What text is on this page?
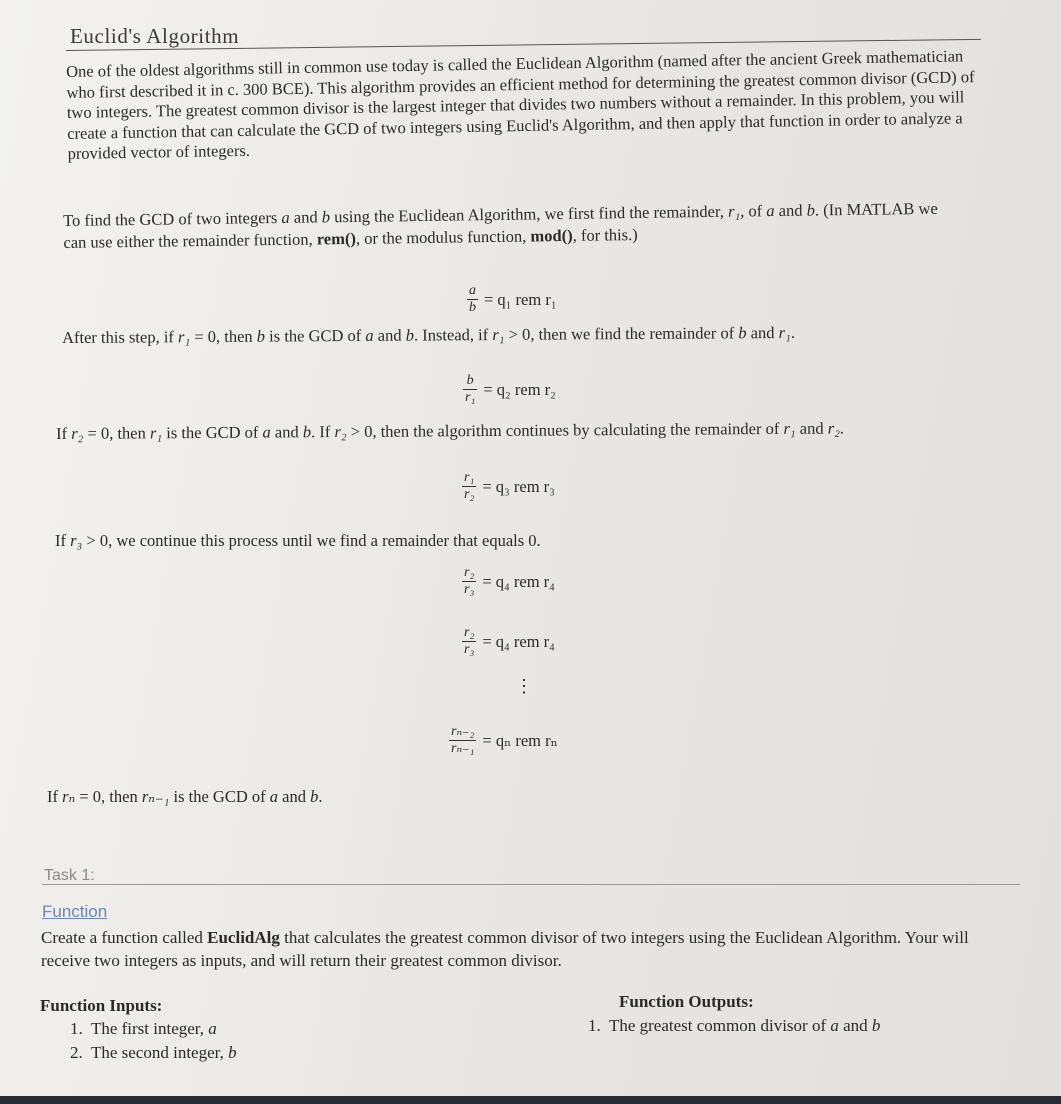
Euclid's Algorithm

One of the oldest algorithms still in common use today is called the Euclidean Algorithm (named after the ancient Greek mathematician who first described it in c. 300 BCE). This algorithm provides an efficient method for determining the greatest common divisor (GCD) of two integers. The greatest common divisor is the largest integer that divides two numbers without a remainder. In this problem, you will create a function that can calculate the GCD of two integers using Euclid's Algorithm, and then apply that function in order to analyze a provided vector of integers.

To find the GCD of two integers a and b using the Euclidean Algorithm, we first find the remainder, r₁, of a and b. (In MATLAB we can use either the remainder function, rem(), or the modulus function, mod(), for this.)
$\frac{a}{b} = q_1$ rem r₁
After this step, if r₁ = 0, then b is the GCD of a and b. Instead, if r₁ > 0, then we find the remainder of b and r₁.
$\frac{b}{\text{r₁}} = q_2$ rem r₂
If r₂ = 0, then r₁ is the GCD of a and b. If r₂ > 0, then the algorithm continues by calculating the remainder of r₁ and r₂.
$\frac{\text{r₁}}{\text{r₂}} = q_3$ rem r₃
If r₃ > 0, we continue this process until we find a remainder that equals 0.
$\frac{\text{r₂}}{\text{r₃}} = q_4$ rem r₄
$\frac{\text{r₂}}{\text{r₃}} = q_4$ rem r₄
⋮
$\frac{\text{rₙ₋₂}}{\text{rₙ₋₁}} = q_n$ rem rₙ
If rₙ = 0, then rₙ₋₁ is the GCD of a and b.
Task 1:
Function
Create a function called EuclidAlg that calculates the greatest common divisor of two integers using the Euclidean Algorithm. Your will receive two integers as inputs, and will return their greatest common divisor.
Function Inputs:
1. The first integer, a
2. The second integer, b
Function Outputs:
1. The greatest common divisor of a and b
